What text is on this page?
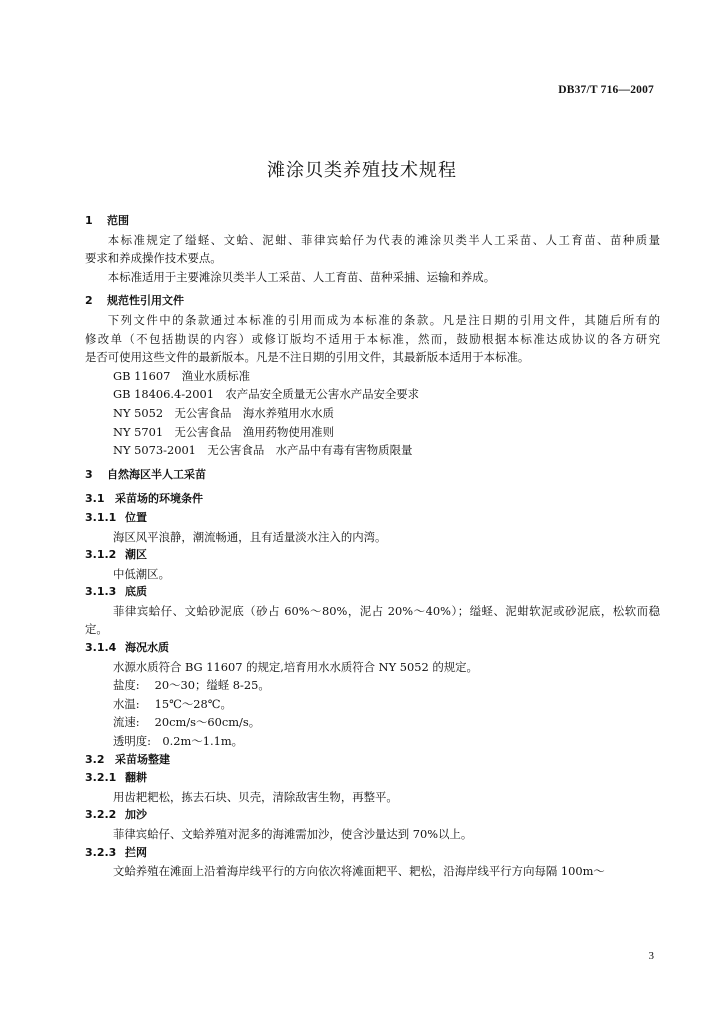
DB37/T 716—2007
滩涂贝类养殖技术规程
1 范围
本标准规定了缢蛏、文蛤、泥蚶、菲律宾蛤仔为代表的滩涂贝类半人工采苗、人工育苗、苗种质量
要求和养成操作技术要点。
本标准适用于主要滩涂贝类半人工采苗、人工育苗、苗种采捕、运输和养成。
2 规范性引用文件
下列文件中的条款通过本标准的引用而成为本标准的条款。凡是注日期的引用文件，其随后所有的
修改单（不包括勘误的内容）或修订版均不适用于本标准，然而，鼓励根据本标准达成协议的各方研究
是否可使用这些文件的最新版本。凡是不注日期的引用文件，其最新版本适用于本标准。
GB 11607　渔业水质标准
GB 18406.4-2001　农产品安全质量无公害水产品安全要求
NY 5052　无公害食品　海水养殖用水水质
NY 5701　无公害食品　渔用药物使用准则
NY 5073-2001　无公害食品　水产品中有毒有害物质限量
3 自然海区半人工采苗
3.1 采苗场的环境条件
3.1.1 位置
海区风平浪静，潮流畅通，且有适量淡水注入的内湾。
3.1.2 潮区
中低潮区。
3.1.3 底质
菲律宾蛤仔、文蛤砂泥底（砂占 60%～80%，泥占 20%～40%）；缢蛏、泥蚶软泥或砂泥底，松软而稳
定。
3.1.4 海况水质
水源水质符合 BG 11607 的规定,培育用水水质符合 NY 5052 的规定。
盐度:　 20～30；缢蛏 8-25。
水温:　 15℃～28℃。
流速:　 20cm/s～60cm/s。
透明度:　0.2m～1.1m。
3.2 采苗场整建
3.2.1 翻耕
用齿耙耙松，拣去石块、贝壳，清除敌害生物，再整平。
3.2.2 加沙
菲律宾蛤仔、文蛤养殖对泥多的海滩需加沙，使含沙量达到 70%以上。
3.2.3 拦网
文蛤养殖在滩面上沿着海岸线平行的方向依次将滩面耙平、耙松，沿海岸线平行方向每隔 100m～
3
